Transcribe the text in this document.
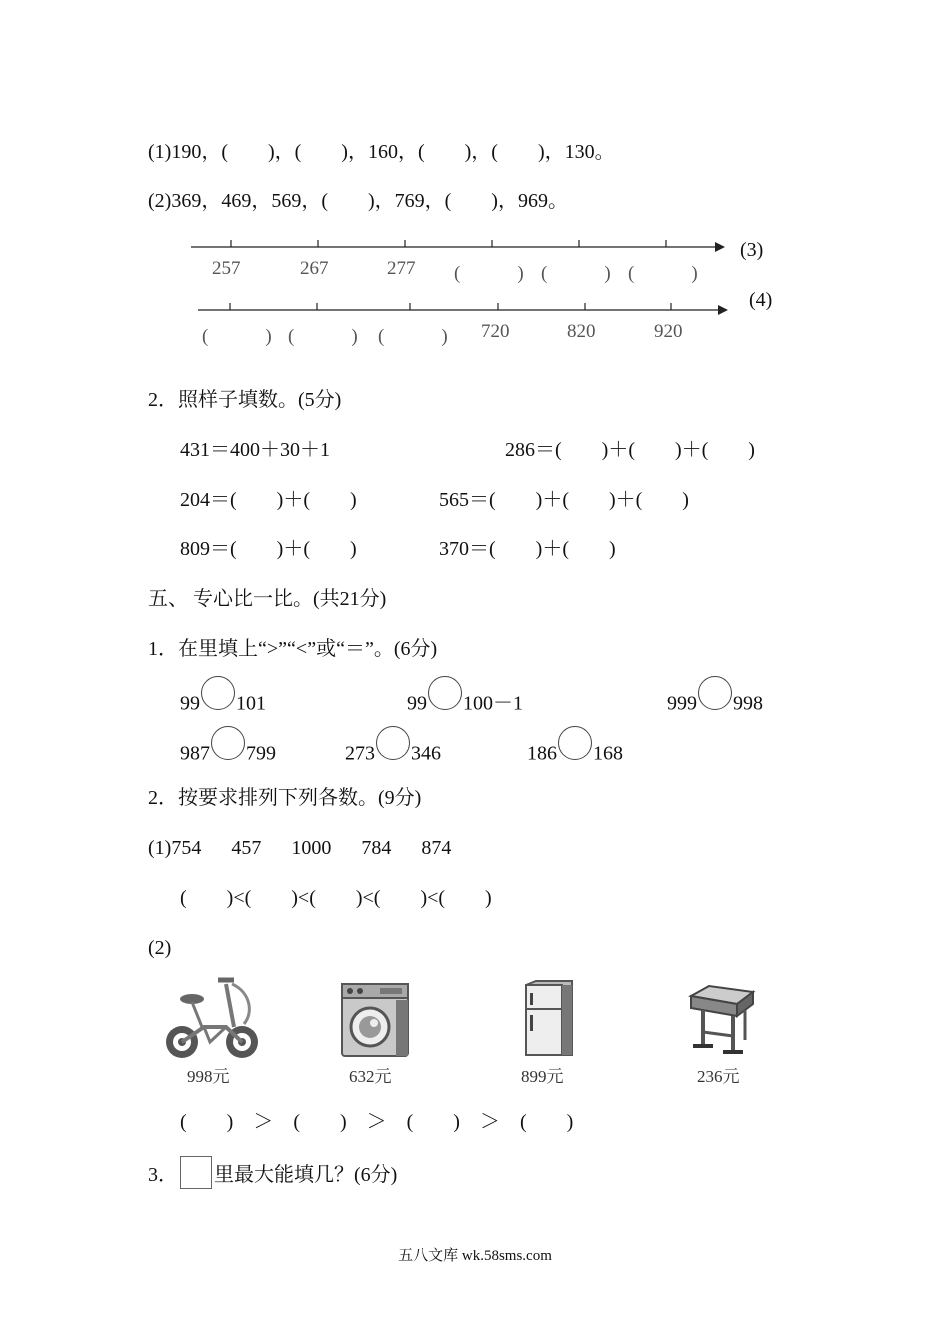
(1)190，(　　)，(　　)，160，(　　)，(　　)，130。
(2)369，469，569，(　　)，769，(　　)，969。
257	267	277 (　　　) (　　　) (　　　)
(3)
(　　　) (　　　) (　　　) 720	820	920
(4)
2．照样子填数。(5分)
431＝400＋30＋1	286＝(　　)＋(　　)＋(　　)
204＝(　　)＋(　　)	565＝(　　)＋(　　)＋(　　)
809＝(　　)＋(　　)	370＝(　　)＋(　　)
五、 专心比一比。(共21分)
1．在里填上“>”“<”或“＝”。(6分)
99 101	99 100－1	999 998
987 799	273 346	186 168
2．按要求排列下列各数。(9分)
(1)754　  457　  1000　  784　  874
(　　)<(　　)<(　　)<(　　)<(　　)
(2)
998元	632元	899元	236元
(　　)　＞　(　　)　＞　(　　)　＞　(　　)
3． 里最大能填几？(6分)
五八文库 wk.58sms.com
